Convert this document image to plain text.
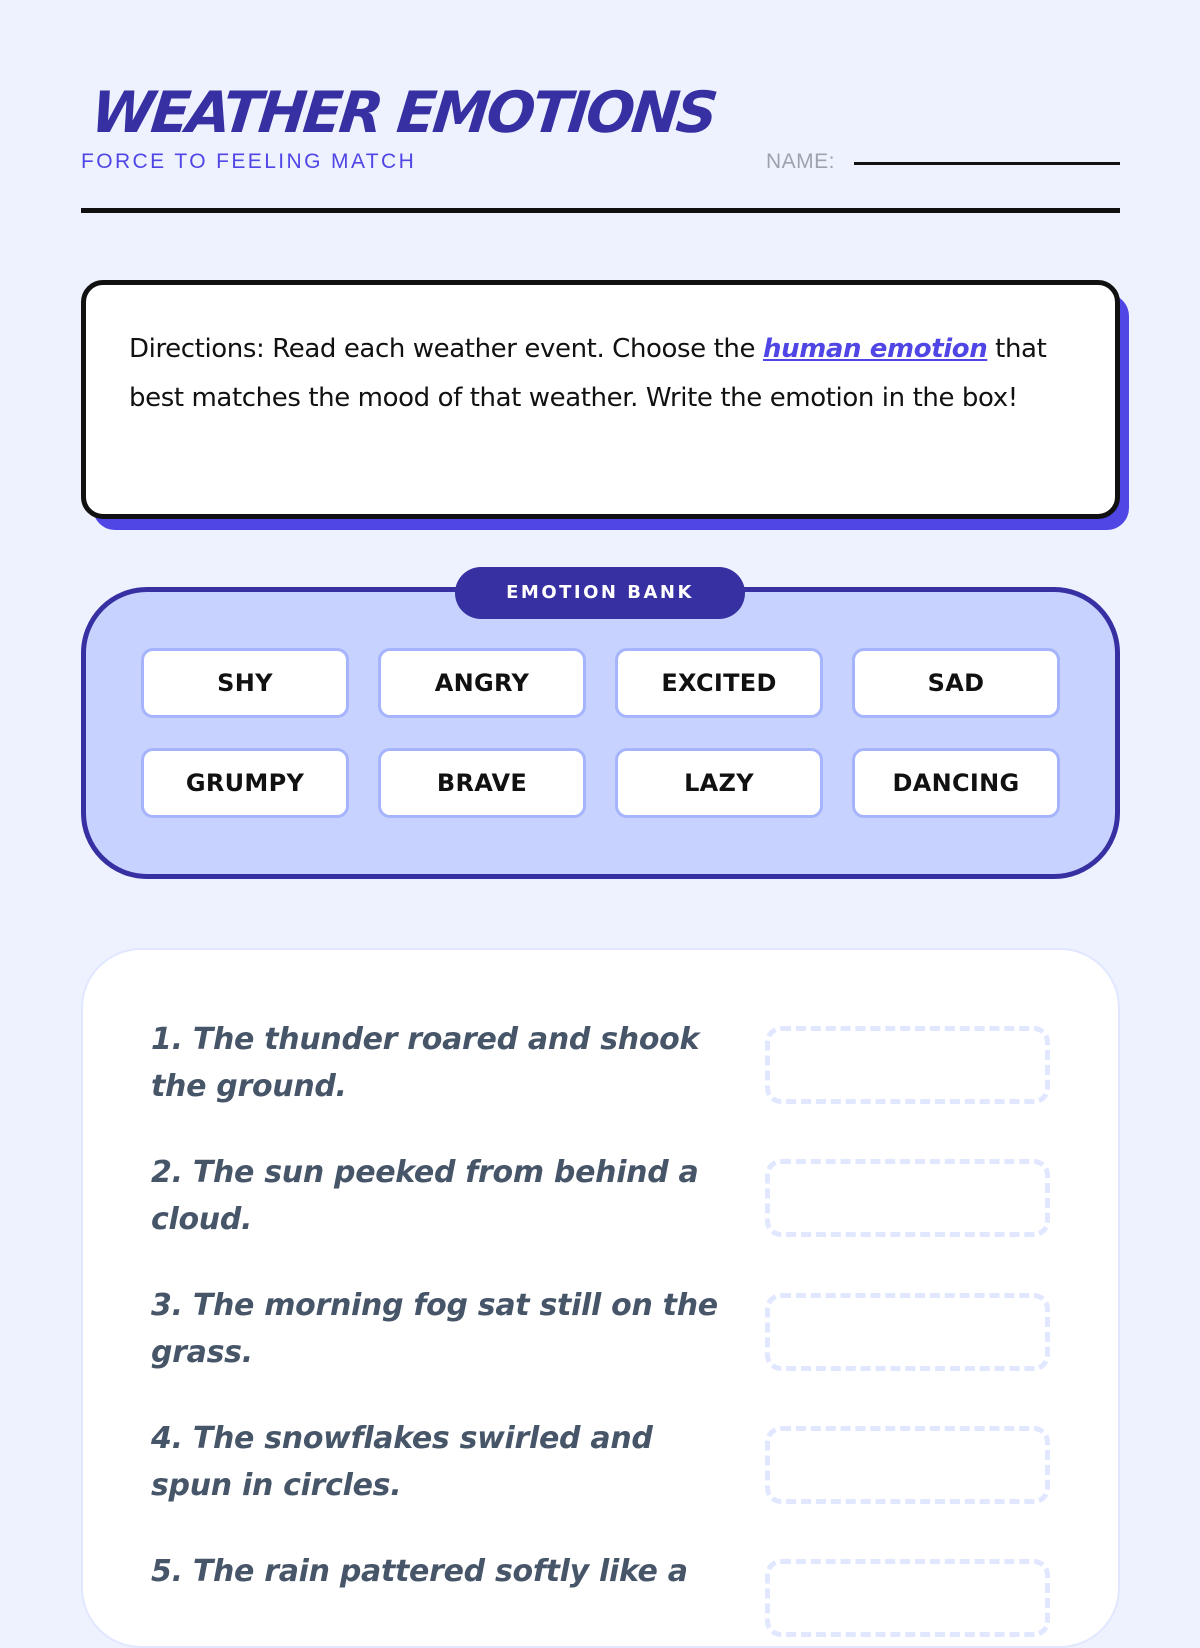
WEATHER EMOTIONS
FORCE TO FEELING MATCH	NAME:

Directions: Read each weather event. Choose the human emotion that best matches the mood of that weather. Write the emotion in the box!

EMOTION BANK
SHY	ANGRY	EXCITED	SAD
GRUMPY	BRAVE	LAZY	DANCING

1. The thunder roared and shook the ground.

2. The sun peeked from behind a cloud.

3. The morning fog sat still on the grass.

4. The snowflakes swirled and spun in circles.

5. The rain pattered softly like a
